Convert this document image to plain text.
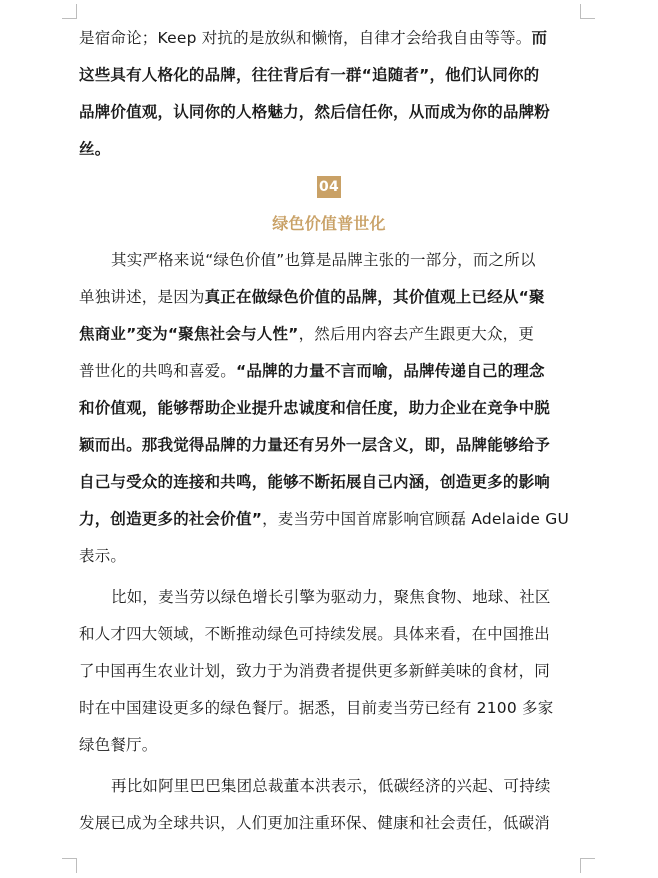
是宿命论；Keep 对抗的是放纵和懒惰，自律才会给我自由等等。而
这些具有人格化的品牌，往往背后有一群“追随者”，他们认同你的
品牌价值观，认同你的人格魅力，然后信任你，从而成为你的品牌粉
丝。
04
绿色价值普世化
其实严格来说“绿色价值”也算是品牌主张的一部分，而之所以
单独讲述，是因为真正在做绿色价值的品牌，其价值观上已经从“聚
焦商业”变为“聚焦社会与人性”，然后用内容去产生跟更大众，更
普世化的共鸣和喜爱。“品牌的力量不言而喻，品牌传递自己的理念
和价值观，能够帮助企业提升忠诚度和信任度，助力企业在竞争中脱
颖而出。那我觉得品牌的力量还有另外一层含义，即，品牌能够给予
自己与受众的连接和共鸣，能够不断拓展自己内涵，创造更多的影响
力，创造更多的社会价值”，麦当劳中国首席影响官顾磊 Adelaide GU
表示。
比如，麦当劳以绿色增长引擎为驱动力，聚焦食物、地球、社区
和人才四大领域，不断推动绿色可持续发展。具体来看，在中国推出
了中国再生农业计划，致力于为消费者提供更多新鲜美味的食材，同
时在中国建设更多的绿色餐厅。据悉，目前麦当劳已经有 2100 多家
绿色餐厅。
再比如阿里巴巴集团总裁董本洪表示，低碳经济的兴起、可持续
发展已成为全球共识，人们更加注重环保、健康和社会责任，低碳消
